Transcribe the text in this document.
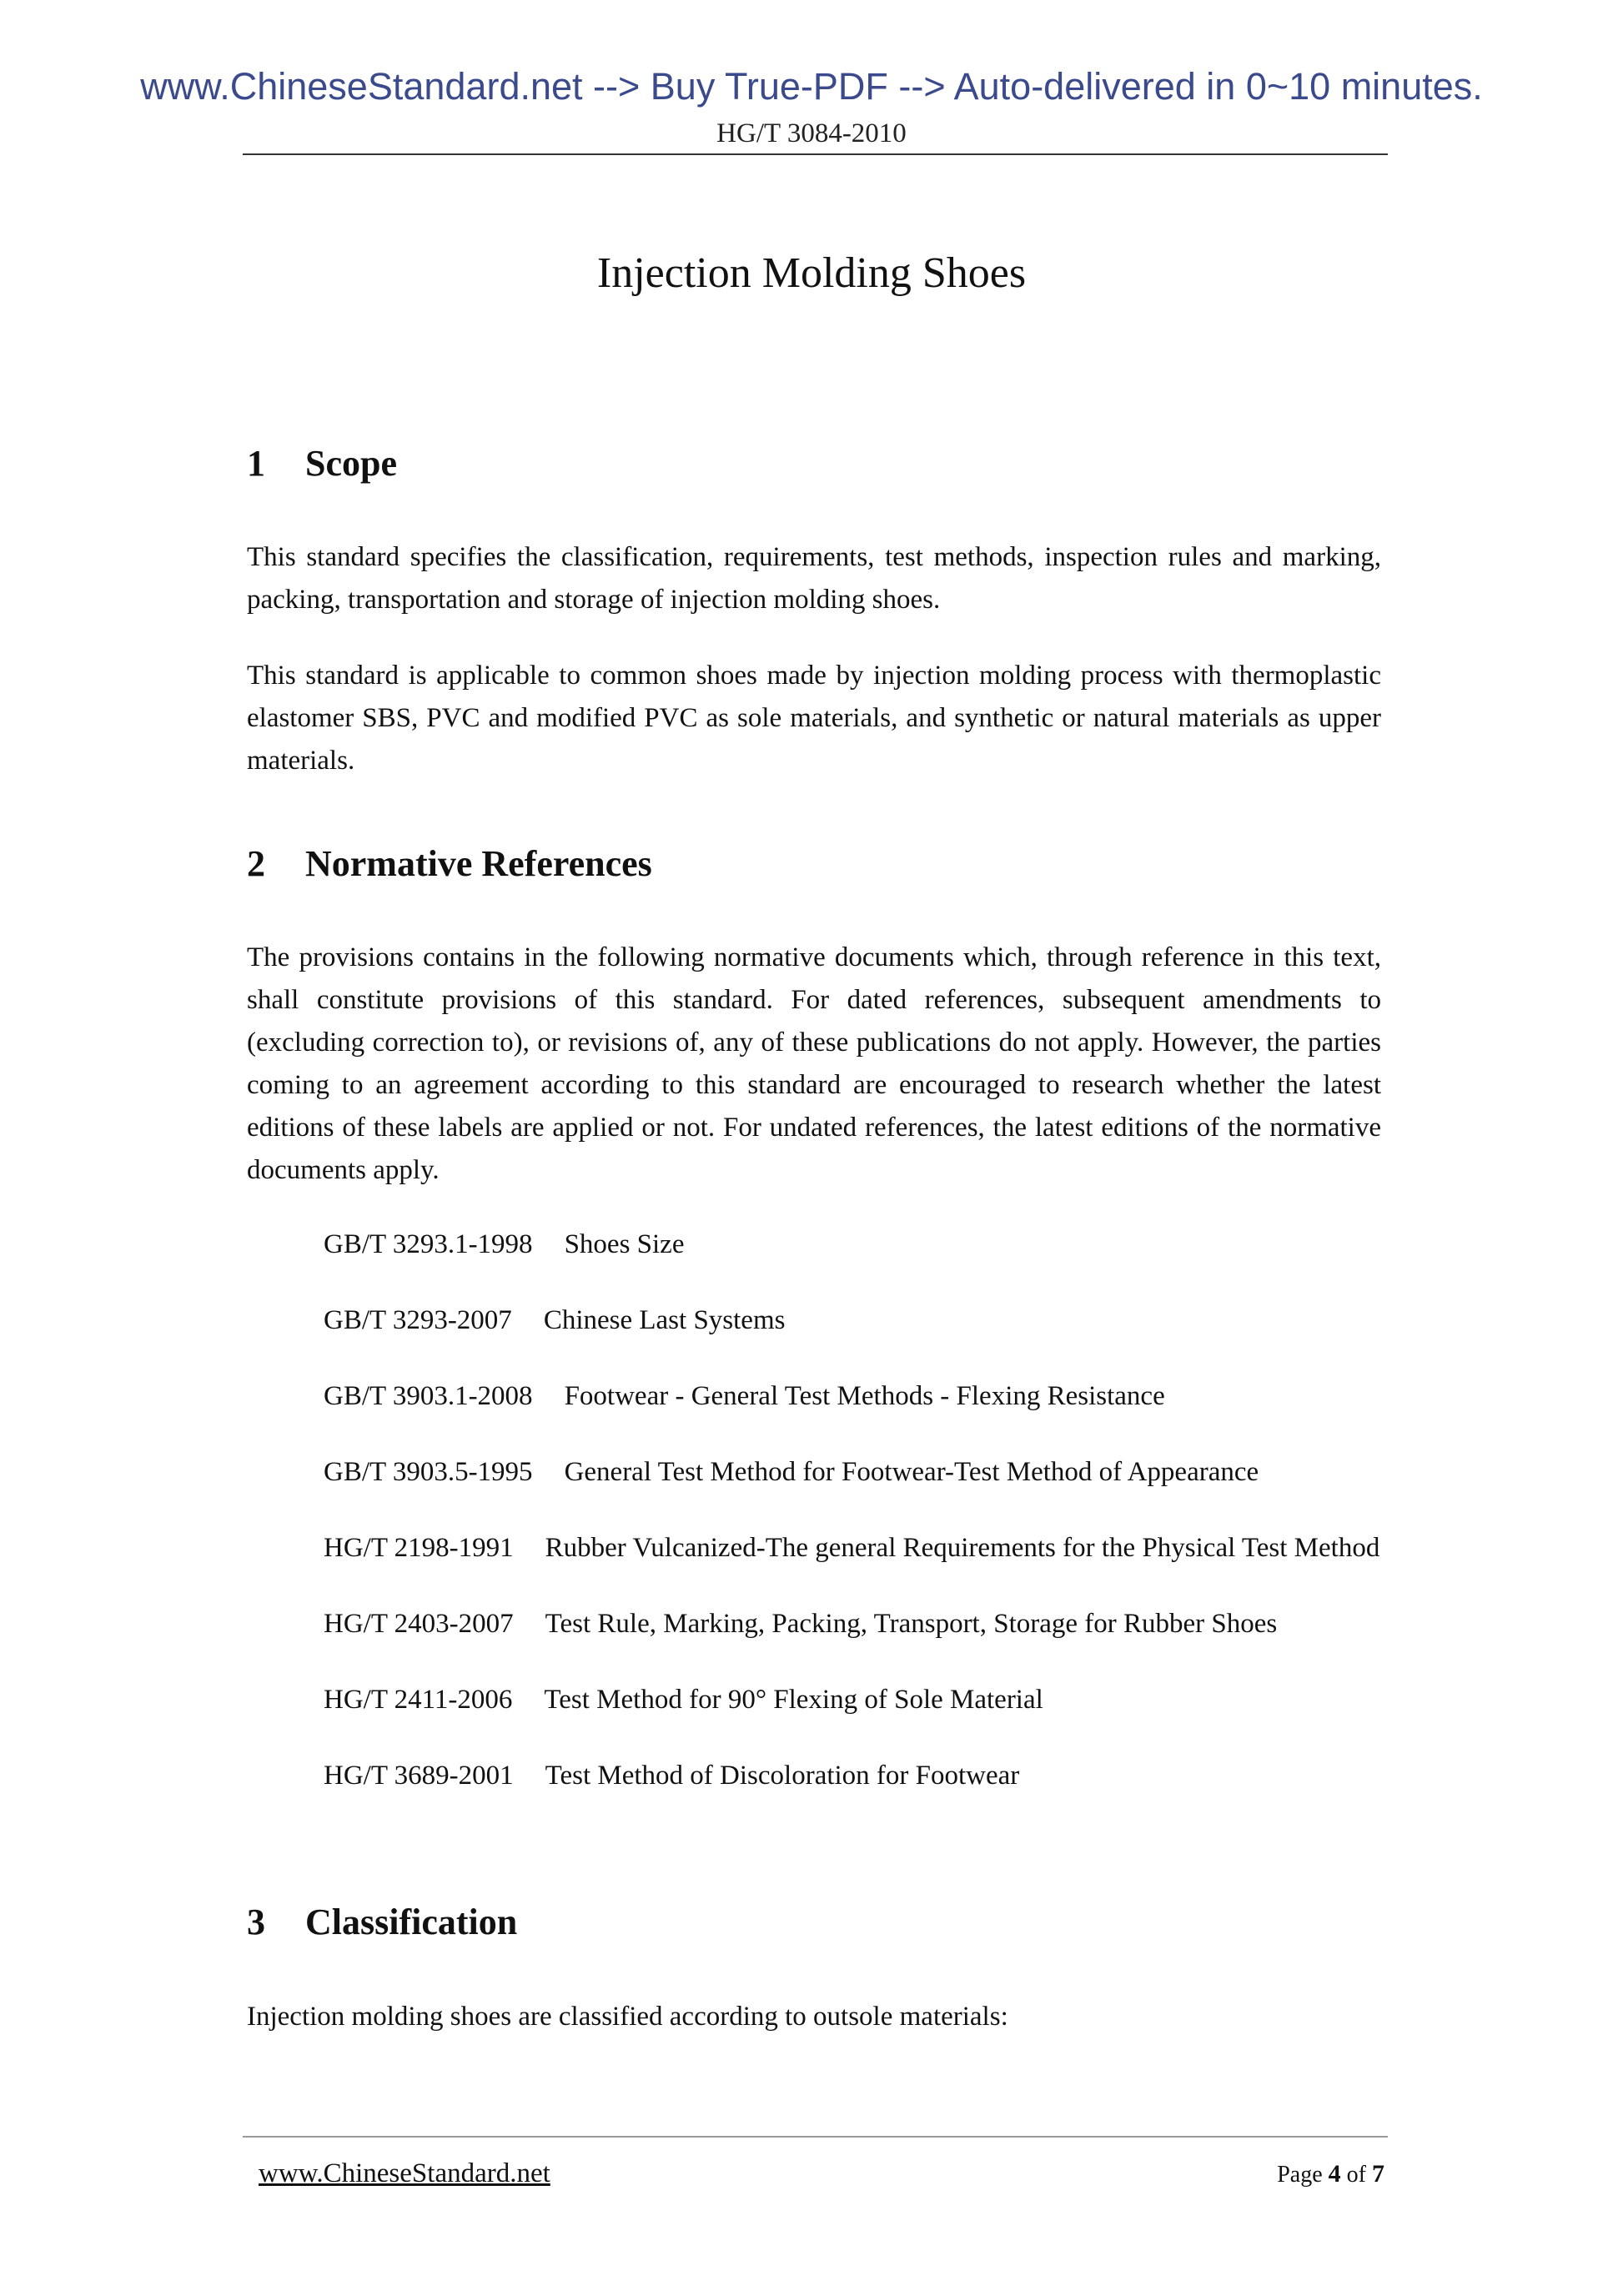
www.ChineseStandard.net --> Buy True-PDF --> Auto-delivered in 0~10 minutes.
HG/T 3084-2010
Injection Molding Shoes
1 Scope

This standard specifies the classification, requirements, test methods, inspection rules and marking, packing, transportation and storage of injection molding shoes.

This standard is applicable to common shoes made by injection molding process with thermoplastic elastomer SBS, PVC and modified PVC as sole materials, and synthetic or natural materials as upper materials.

2 Normative References

The provisions contains in the following normative documents which, through reference in this text, shall constitute provisions of this standard. For dated references, subsequent amendments to (excluding correction to), or revisions of, any of these publications do not apply. However, the parties coming to an agreement according to this standard are encouraged to research whether the latest editions of these labels are applied or not. For undated references, the latest editions of the normative documents apply.

GB/T 3293.1-1998	Shoes Size
GB/T 3293-2007	Chinese Last Systems
GB/T 3903.1-2008	Footwear - General Test Methods - Flexing Resistance
GB/T 3903.5-1995	General Test Method for Footwear-Test Method of Appearance
HG/T 2198-1991	Rubber Vulcanized-The general Requirements for the Physical Test Method
HG/T 2403-2007	Test Rule, Marking, Packing, Transport, Storage for Rubber Shoes
HG/T 2411-2006	Test Method for 90° Flexing of Sole Material
HG/T 3689-2001	Test Method of Discoloration for Footwear
3 Classification

Injection molding shoes are classified according to outsole materials:

www.ChineseStandard.net	Page 4 of 7
